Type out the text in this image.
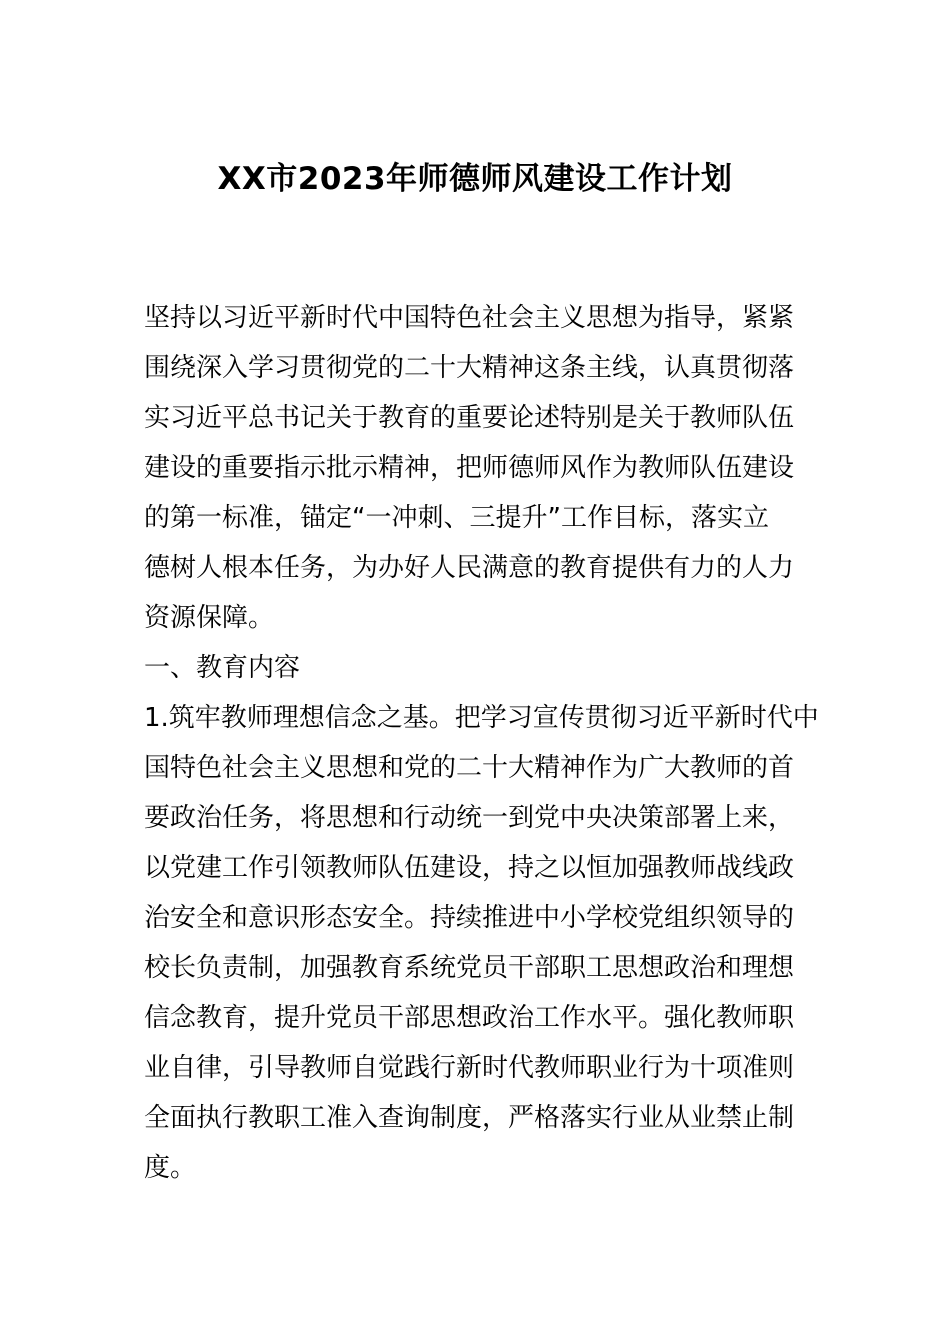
XX市2023年师德师风建设工作计划
坚持以习近平新时代中国特色社会主义思想为指导，紧紧
围绕深入学习贯彻党的二十大精神这条主线，认真贯彻落
实习近平总书记关于教育的重要论述特别是关于教师队伍
建设的重要指示批示精神，把师德师风作为教师队伍建设
的第一标准，锚定“一冲刺、三提升”工作目标，落实立
德树人根本任务，为办好人民满意的教育提供有力的人力
资源保障。
一、教育内容
1.筑牢教师理想信念之基。把学习宣传贯彻习近平新时代中
国特色社会主义思想和党的二十大精神作为广大教师的首
要政治任务，将思想和行动统一到党中央决策部署上来，
以党建工作引领教师队伍建设，持之以恒加强教师战线政
治安全和意识形态安全。持续推进中小学校党组织领导的
校长负责制，加强教育系统党员干部职工思想政治和理想
信念教育，提升党员干部思想政治工作水平。强化教师职
业自律，引导教师自觉践行新时代教师职业行为十项准则
全面执行教职工准入查询制度，严格落实行业从业禁止制
度。
